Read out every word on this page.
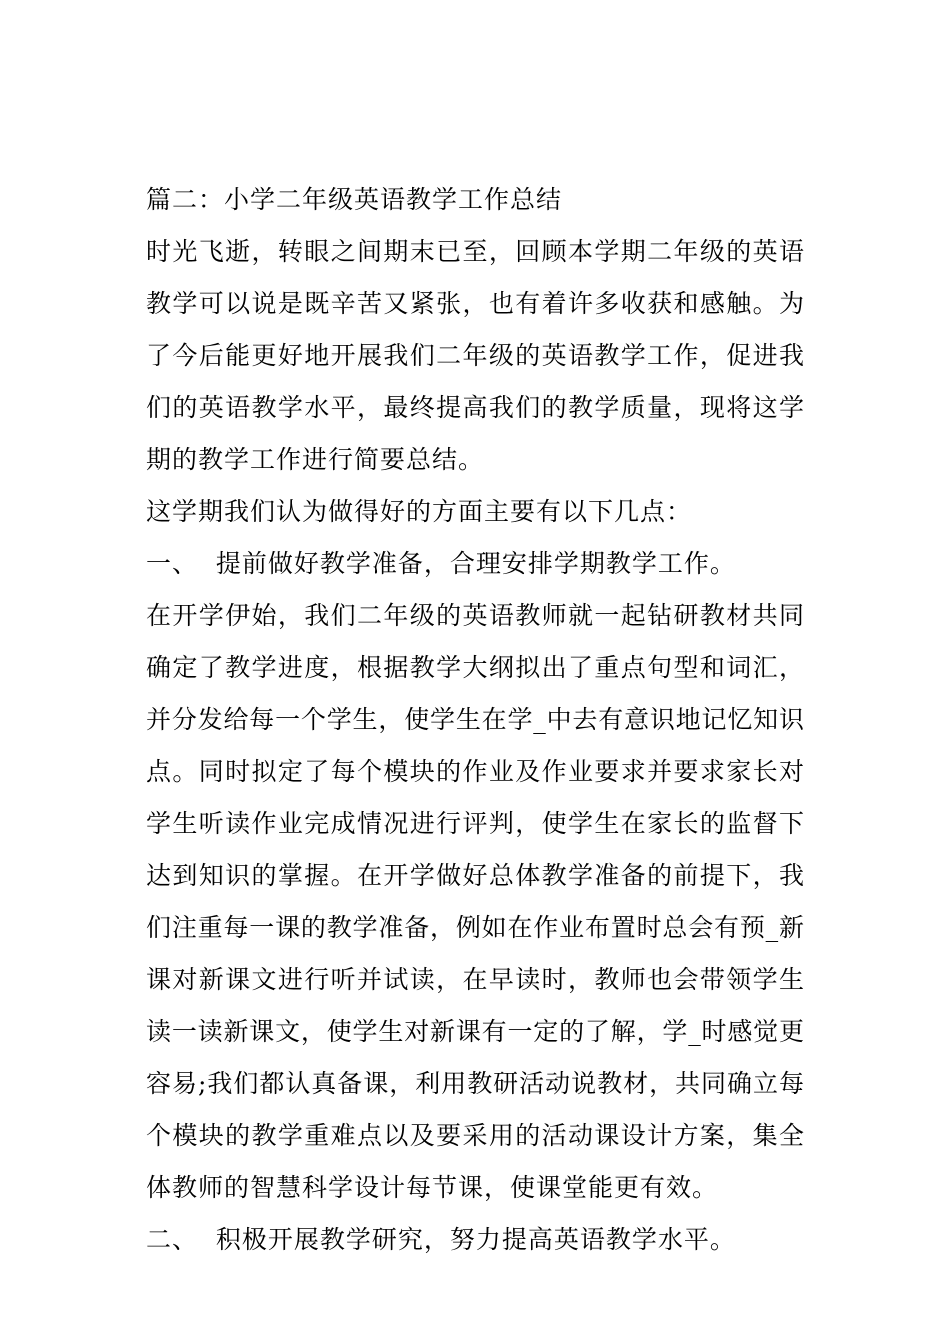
篇二：小学二年级英语教学工作总结
时光飞逝，转眼之间期末已至，回顾本学期二年级的英语
教学可以说是既辛苦又紧张，也有着许多收获和感触。为
了今后能更好地开展我们二年级的英语教学工作，促进我
们的英语教学水平，最终提高我们的教学质量，现将这学
期的教学工作进行简要总结。
这学期我们认为做得好的方面主要有以下几点：
一、  提前做好教学准备，合理安排学期教学工作。
在开学伊始，我们二年级的英语教师就一起钻研教材共同
确定了教学进度，根据教学大纲拟出了重点句型和词汇，
并分发给每一个学生，使学生在学_中去有意识地记忆知识
点。同时拟定了每个模块的作业及作业要求并要求家长对
学生听读作业完成情况进行评判，使学生在家长的监督下
达到知识的掌握。在开学做好总体教学准备的前提下，我
们注重每一课的教学准备，例如在作业布置时总会有预_新
课对新课文进行听并试读，在早读时，教师也会带领学生
读一读新课文，使学生对新课有一定的了解，学_时感觉更
容易;我们都认真备课，利用教研活动说教材，共同确立每
个模块的教学重难点以及要采用的活动课设计方案，集全
体教师的智慧科学设计每节课，使课堂能更有效。
二、  积极开展教学研究，努力提高英语教学水平。
